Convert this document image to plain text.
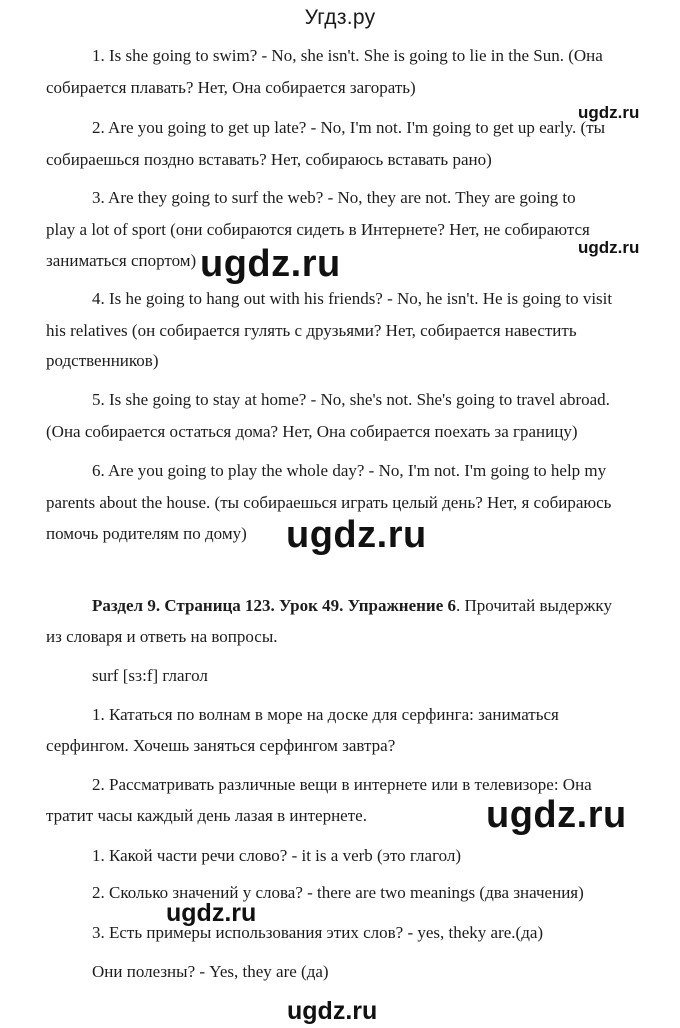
Угдз.ру
1. Is she going to swim? - No, she isn't. She is going to lie in the Sun. (Она
собирается плавать? Нет, Она собирается загорать)
2. Are you going to get up late? - No, I'm not. I'm going to get up early. (ты
собираешься поздно вставать? Нет, собираюсь вставать рано)
3. Are they going to surf the web? - No, they are not. They are going to
play a lot of sport (они собираются сидеть в Интернете? Нет, не собираются
заниматься спортом)
4. Is he going to hang out with his friends? - No, he isn't. He is going to visit
his relatives (он собирается гулять с друзьями? Нет, собирается навестить
родственников)
5. Is she going to stay at home? - No, she's not. She's going to travel abroad.
(Она собирается остаться дома? Нет, Она собирается поехать за границу)
6. Are you going to play the whole day? - No, I'm not. I'm going to help my
parents about the house. (ты собираешься играть целый день? Нет, я собираюсь
помочь родителям по дому)
Раздел 9. Страница 123. Урок 49. Упражнение 6. Прочитай выдержку
из словаря и ответь на вопросы.
surf [sɜ:f] глагол
1. Кататься по волнам в море на доске для серфинга: заниматься
серфингом. Хочешь заняться серфингом завтра?
2. Рассматривать различные вещи в интернете или в телевизоре: Она
тратит часы каждый день лазая в интернете.
1. Какой части речи слово? - it is a verb (это глагол)
2. Сколько значений у слова? - there are two meanings (два значения)
3. Есть примеры использования этих слов? - yes, theky are.(да)
Они полезны? - Yes, they are (да)
ugdz.ru
ugdz.ru
ugdz.ru
ugdz.ru
ugdz.ru
ugdz.ru
ugdz.ru
